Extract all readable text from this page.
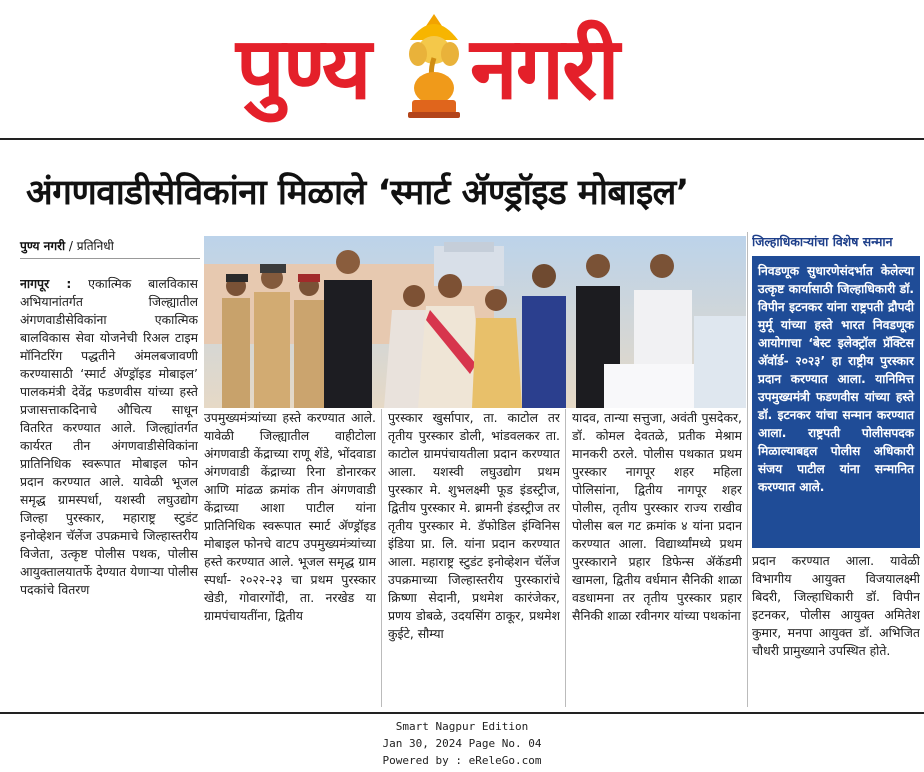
पुण्य नगरी
अंगणवाडीसेविकांना मिळाले ‘स्मार्ट ॲण्ड्रॉइड मोबाइल’
पुण्य नगरी / प्रतिनिधी
नागपूर : एकात्मिक बालविकास अभियानांतर्गत जिल्ह्यातील अंगणवाडीसेविकांना एकात्मिक बालविकास सेवा योजनेची रिअल टाइम मॉनिटरिंग पद्धतीने अंमलबजावणी करण्यासाठी ‘स्मार्ट ॲण्ड्रॉइड मोबाइल’ पालकमंत्री देवेंद्र फडणवीस यांच्या हस्ते प्रजासत्ताकदिनाचे औचित्य साधून वितरित करण्यात आले. जिल्ह्यांतर्गत कार्यरत तीन अंगणवाडीसेविकांना प्रातिनिधिक स्वरूपात मोबाइल फोन प्रदान करण्यात आले. यावेळी भूजल समृद्ध ग्रामस्पर्धा, यशस्वी लघुउद्योग जिल्हा पुरस्कार, महाराष्ट्र स्टुडंट इनोव्हेशन चॅलेंज उपक्रमाचे जिल्हास्तरीय विजेता, उत्कृष्ट पोलीस पथक, पोलीस आयुक्तालयातर्फे देण्यात येणाऱ्या पोलीस पदकांचे वितरण
उपमुख्यमंत्र्यांच्या हस्ते करण्यात आले. यावेळी जिल्ह्यातील वाहीटोला अंगणवाडी केंद्राच्या राणू शेंडे, भोंदवाडा अंगणवाडी केंद्राच्या रिना डोनारकर आणि मांढळ क्रमांक तीन अंगणवाडी केंद्राच्या आशा पाटील यांना प्रातिनिधिक स्वरूपात स्मार्ट ॲण्ड्रॉइड मोबाइल फोनचे वाटप उपमुख्यमंत्र्यांच्या हस्ते करण्यात आले. भूजल समृद्ध ग्राम स्पर्धा- २०२२-२३ चा प्रथम पुरस्कार खेडी, गोवारगोंदी, ता. नरखेड या ग्रामपंचायतींना, द्वितीय
पुरस्कार खुर्सापार, ता. काटोल तर तृतीय पुरस्कार डोली, भांडवलकर ता. काटोल ग्रामपंचायतीला प्रदान करण्यात आला. यशस्वी लघुउद्योग प्रथम पुरस्कार मे. शुभलक्ष्मी फूड इंडस्ट्रीज, द्वितीय पुरस्कार मे. ब्रामनी इंडस्ट्रीज तर तृतीय पुरस्कार मे. डॅफोडिल इंग्विनिस इंडिया प्रा. लि. यांना प्रदान करण्यात आला. महाराष्ट्र स्टुडंट इनोव्हेशन चॅलेंज उपक्रमाच्या जिल्हास्तरीय पुरस्कारांचे क्रिष्णा सेदानी, प्रथमेश कारंजेकर, प्रणय डोबळे, उदयसिंग ठाकूर, प्रथमेश कुईटे, सौम्या
यादव, तान्या सत्तुजा, अवंती पुसदेकर, डॉ. कोमल देवतळे, प्रतीक मेश्राम मानकरी ठरले. पोलीस पथकात प्रथम पुरस्कार नागपूर शहर महिला पोलिसांना, द्वितीय नागपूर शहर पोलीस, तृतीय पुरस्कार राज्य राखीव पोलीस बल गट क्रमांक ४ यांना प्रदान करण्यात आला. विद्यार्थ्यांमध्ये प्रथम पुरस्काराने प्रहार डिफेन्स ॲकॅडमी खामला, द्वितीय वर्धमान सैनिकी शाळा वडधामना तर तृतीय पुरस्कार प्रहार सैनिकी शाळा रवीनगर यांच्या पथकांना
जिल्हाधिकाऱ्यांचा विशेष सन्मान
निवडणूक सुधारणेसंदर्भात केलेल्या उत्कृष्ट कार्यासाठी जिल्हाधिकारी डॉ. विपीन इटनकर यांना राष्ट्रपती द्रौपदी मुर्मू यांच्या हस्ते भारत निवडणूक आयोगाचा ‘बेस्ट इलेक्ट्रॉल प्रॅक्टिस अ‍ॅवॉर्ड- २०२३’ हा राष्ट्रीय पुरस्कार प्रदान करण्यात आला. यानिमित्त उपमुख्यमंत्री फडणवीस यांच्या हस्ते डॉ. इटनकर यांचा सन्मान करण्यात आला. राष्ट्रपती पोलीसपदक मिळाल्याबद्दल पोलीस अधिकारी संजय पाटील यांना सन्मानित करण्यात आले.
प्रदान करण्यात आला. यावेळी विभागीय आयुक्त विजयालक्ष्मी बिदरी, जिल्हाधिकारी डॉ. विपीन इटनकर, पोलीस आयुक्त अमितेश कुमार, मनपा आयुक्त डॉ. अभिजित चौधरी प्रामुख्याने उपस्थित होते.
Smart Nagpur Edition
Jan 30, 2024 Page No. 04
Powered by : eReleGo.com
